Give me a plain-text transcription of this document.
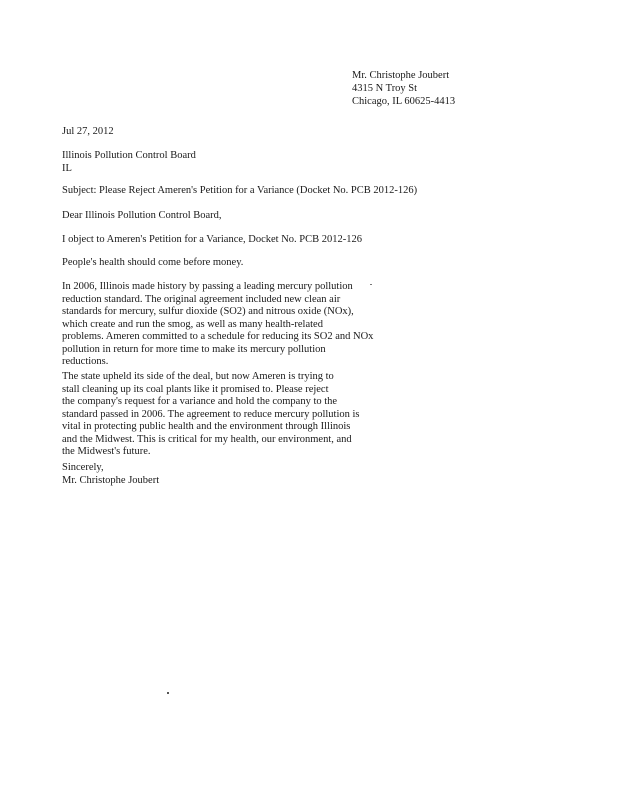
Mr. Christophe Joubert
4315 N Troy St
Chicago, IL 60625-4413
Jul 27, 2012
Illinois Pollution Control Board
IL
Subject: Please Reject Ameren's Petition for a Variance (Docket No. PCB 2012-126)
Dear Illinois Pollution Control Board,
I object to Ameren's Petition for a Variance, Docket No. PCB 2012-126
People's health should come before money.
In 2006, Illinois made history by passing a leading mercury pollution
reduction standard. The original agreement included new clean air
standards for mercury, sulfur dioxide (SO2) and nitrous oxide (NOx),
which create and run the smog, as well as many health-related
problems. Ameren committed to a schedule for reducing its SO2 and NOx
pollution in return for more time to make its mercury pollution
reductions.
The state upheld its side of the deal, but now Ameren is trying to
stall cleaning up its coal plants like it promised to. Please reject
the company's request for a variance and hold the company to the
standard passed in 2006. The agreement to reduce mercury pollution is
vital in protecting public health and the environment through Illinois
and the Midwest. This is critical for my health, our environment, and
the Midwest's future.
Sincerely,
Mr. Christophe Joubert
